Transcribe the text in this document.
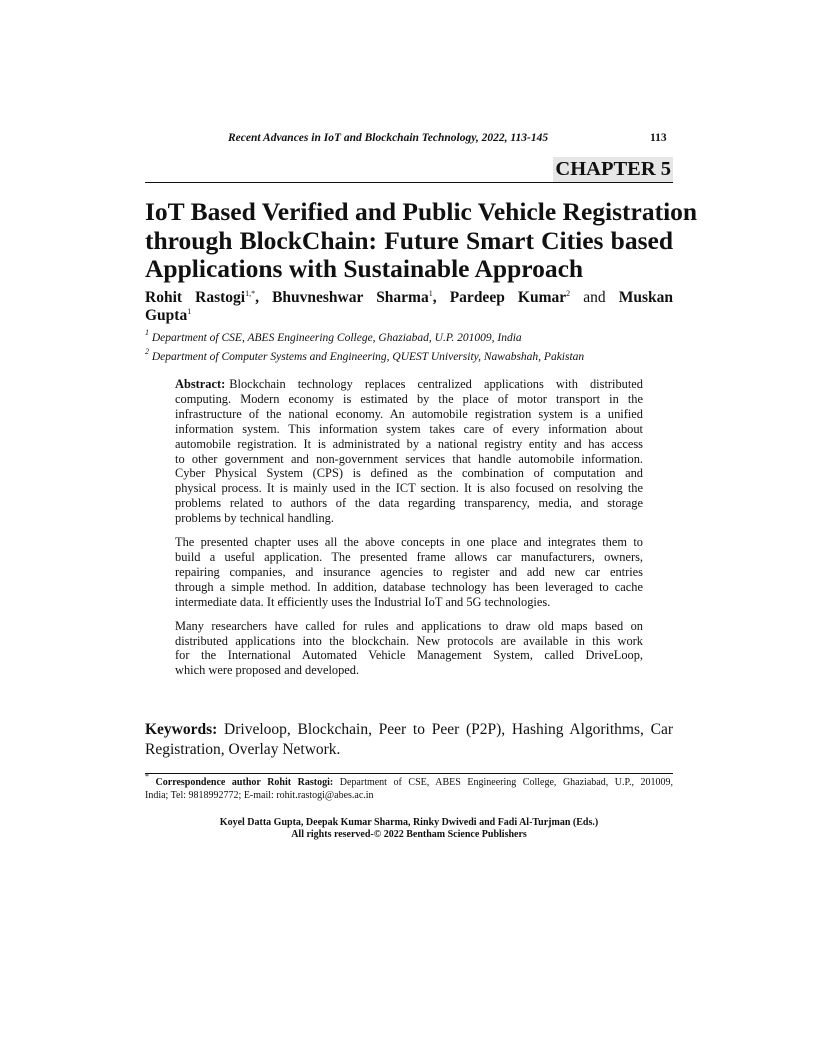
Recent Advances in IoT and Blockchain Technology, 2022, 113-145	113
CHAPTER 5
IoT Based Verified and Public Vehicle Registration
through BlockChain: Future Smart Cities based
Applications with Sustainable Approach
Rohit Rastogi$^{1,*}$, Bhuvneshwar Sharma$^1$, Pardeep Kumar$^2$ and Muskan
Gupta$^1$
$^1$ Department of CSE, ABES Engineering College, Ghaziabad, U.P. 201009, India
$^2$ Department of Computer Systems and Engineering, QUEST University, Nawabshah, Pakistan

Abstract: Blockchain technology replaces centralized applications with distributed
computing. Modern economy is estimated by the place of motor transport in the
infrastructure of the national economy. An automobile registration system is a unified
information system. This information system takes care of every information about
automobile registration. It is administrated by a national registry entity and has access
to other government and non-government services that handle automobile information.
Cyber Physical System (CPS) is defined as the combination of computation and
physical process. It is mainly used in the ICT section. It is also focused on resolving the
problems related to authors of the data regarding transparency, media, and storage
problems by technical handling.

The presented chapter uses all the above concepts in one place and integrates them to
build a useful application. The presented frame allows car manufacturers, owners,
repairing companies, and insurance agencies to register and add new car entries
through a simple method. In addition, database technology has been leveraged to cache
intermediate data. It efficiently uses the Industrial IoT and 5G technologies.

Many researchers have called for rules and applications to draw old maps based on
distributed applications into the blockchain. New protocols are available in this work
for the International Automated Vehicle Management System, called DriveLoop,
which were proposed and developed.

Keywords: Driveloop, Blockchain, Peer to Peer (P2P), Hashing Algorithms, Car
Registration, Overlay Network.
* Correspondence author Rohit Rastogi: Department of CSE, ABES Engineering College, Ghaziabad, U.P., 201009,
India; Tel: 9818992772; E-mail: rohit.rastogi@abes.ac.in
Koyel Datta Gupta, Deepak Kumar Sharma, Rinky Dwivedi and Fadi Al-Turjman (Eds.)
All rights reserved-© 2022 Bentham Science Publishers
